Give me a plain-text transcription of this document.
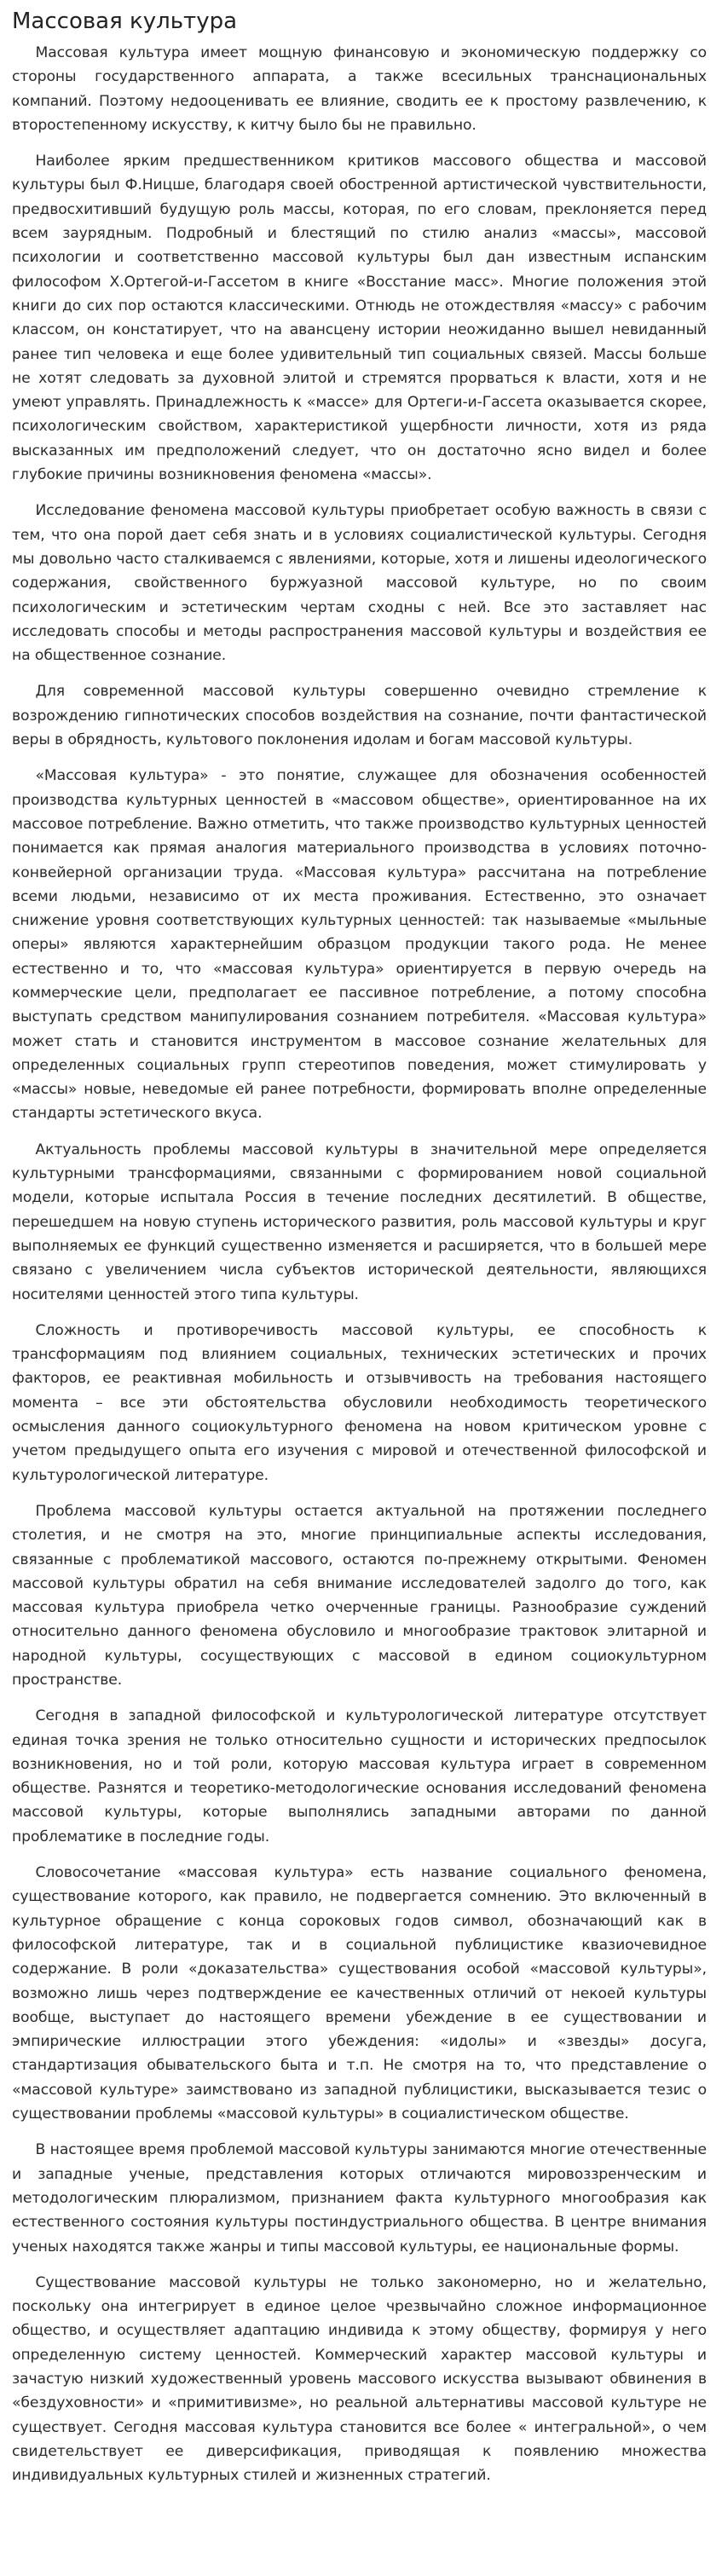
Массовая культура

Массовая культура имеет мощную финансовую и экономическую поддержку со стороны государственного аппарата, а также всесильных транснациональных компаний. Поэтому недооценивать ее влияние, сводить ее к простому развлечению, к второстепенному искусству, к китчу было бы не правильно.

Наиболее ярким предшественником критиков массового общества и массовой культуры был Ф.Ницше, благодаря своей обостренной артистической чувствительности, предвосхитивший будущую роль массы, которая, по его словам, преклоняется перед всем заурядным. Подробный и блестящий по стилю анализ «массы», массовой психологии и соответственно массовой культуры был дан известным испанским философом Х.Ортегой-и-Гассетом в книге «Восстание масс». Многие положения этой книги до сих пор остаются классическими. Отнюдь не отождествляя «массу» с рабочим классом, он констатирует, что на авансцену истории неожиданно вышел невиданный ранее тип человека и еще более удивительный тип социальных связей. Массы больше не хотят следовать за духовной элитой и стремятся прорваться к власти, хотя и не умеют управлять. Принадлежность к «массе» для Ортеги-и-Гассета оказывается скорее, психологическим свойством, характеристикой ущербности личности, хотя из ряда высказанных им предположений следует, что он достаточно ясно видел и более глубокие причины возникновения феномена «массы».

Исследование феномена массовой культуры приобретает особую важность в связи с тем, что она порой дает себя знать и в условиях социалистической культуры. Сегодня мы довольно часто сталкиваемся с явлениями, которые, хотя и лишены идеологического содержания, свойственного буржуазной массовой культуре, но по своим психологическим и эстетическим чертам сходны с ней. Все это заставляет нас исследовать способы и методы распространения массовой культуры и воздействия ее на общественное сознание.

Для современной массовой культуры совершенно очевидно стремление к возрождению гипнотических способов воздействия на сознание, почти фантастической веры в обрядность, культового поклонения идолам и богам массовой культуры.

«Массовая культура» - это понятие, служащее для обозначения особенностей производства культурных ценностей в «массовом обществе», ориентированное на их массовое потребление. Важно отметить, что также производство культурных ценностей понимается как прямая аналогия материального производства в условиях поточно-конвейерной организации труда. «Массовая культура» рассчитана на потребление всеми людьми, независимо от их места проживания. Естественно, это означает снижение уровня соответствующих культурных ценностей: так называемые «мыльные оперы» являются характернейшим образцом продукции такого рода. Не менее естественно и то, что «массовая культура» ориентируется в первую очередь на коммерческие цели, предполагает ее пассивное потребление, а потому способна выступать средством манипулирования сознанием потребителя. «Массовая культура» может стать и становится инструментом в массовое сознание желательных для определенных социальных групп стереотипов поведения, может стимулировать у «массы» новые, неведомые ей ранее потребности, формировать вполне определенные стандарты эстетического вкуса.

Актуальность проблемы массовой культуры в значительной мере определяется культурными трансформациями, связанными с формированием новой социальной модели, которые испытала Россия в течение последних десятилетий. В обществе, перешедшем на новую ступень исторического развития, роль массовой культуры и круг выполняемых ее функций существенно изменяется и расширяется, что в большей мере связано с увеличением числа субъектов исторической деятельности, являющихся носителями ценностей этого типа культуры.

Сложность и противоречивость массовой культуры, ее способность к трансформациям под влиянием социальных, технических эстетических и прочих факторов, ее реактивная мобильность и отзывчивость на требования настоящего момента – все эти обстоятельства обусловили необходимость теоретического осмысления данного социокультурного феномена на новом критическом уровне с учетом предыдущего опыта его изучения с мировой и отечественной философской и культурологической литературе.

Проблема массовой культуры остается актуальной на протяжении последнего столетия, и не смотря на это, многие принципиальные аспекты исследования, связанные с проблематикой массового, остаются по-прежнему открытыми. Феномен массовой культуры обратил на себя внимание исследователей задолго до того, как массовая культура приобрела четко очерченные границы. Разнообразие суждений относительно данного феномена обусловило и многообразие трактовок элитарной и народной культуры, сосуществующих с массовой в едином социокультурном пространстве.

Сегодня в западной философской и культурологической литературе отсутствует единая точка зрения не только относительно сущности и исторических предпосылок возникновения, но и той роли, которую массовая культура играет в современном обществе. Разнятся и теоретико-методологические основания исследований феномена массовой культуры, которые выполнялись западными авторами по данной проблематике в последние годы.

Словосочетание «массовая культура» есть название социального феномена, существование которого, как правило, не подвергается сомнению. Это включенный в культурное обращение с конца сороковых годов символ, обозначающий как в философской литературе, так и в социальной публицистике квазиочевидное содержание. В роли «доказательства» существования особой «массовой культуры», возможно лишь через подтверждение ее качественных отличий от некоей культуры вообще, выступает до настоящего времени убеждение в ее существовании и эмпирические иллюстрации этого убеждения: «идолы» и «звезды» досуга, стандартизация обывательского быта и т.п. Не смотря на то, что представление о «массовой культуре» заимствовано из западной публицистики, высказывается тезис о существовании проблемы «массовой культуры» в социалистическом обществе.

В настоящее время проблемой массовой культуры занимаются многие отечественные и западные ученые, представления которых отличаются мировоззренческим и методологическим плюрализмом, признанием факта культурного многообразия как естественного состояния культуры постиндустриального общества. В центре внимания ученых находятся также жанры и типы массовой культуры, ее национальные формы.

Существование массовой культуры не только закономерно, но и желательно, поскольку она интегрирует в единое целое чрезвычайно сложное информационное общество, и осуществляет адаптацию индивида к этому обществу, формируя у него определенную систему ценностей. Коммерческий характер массовой культуры и зачастую низкий художественный уровень массового искусства вызывают обвинения в «бездуховности» и «примитивизме», но реальной альтернативы массовой культуре не существует. Сегодня массовая культура становится все более « интегральной», о чем свидетельствует ее диверсификация, приводящая к появлению множества индивидуальных культурных стилей и жизненных стратегий.
